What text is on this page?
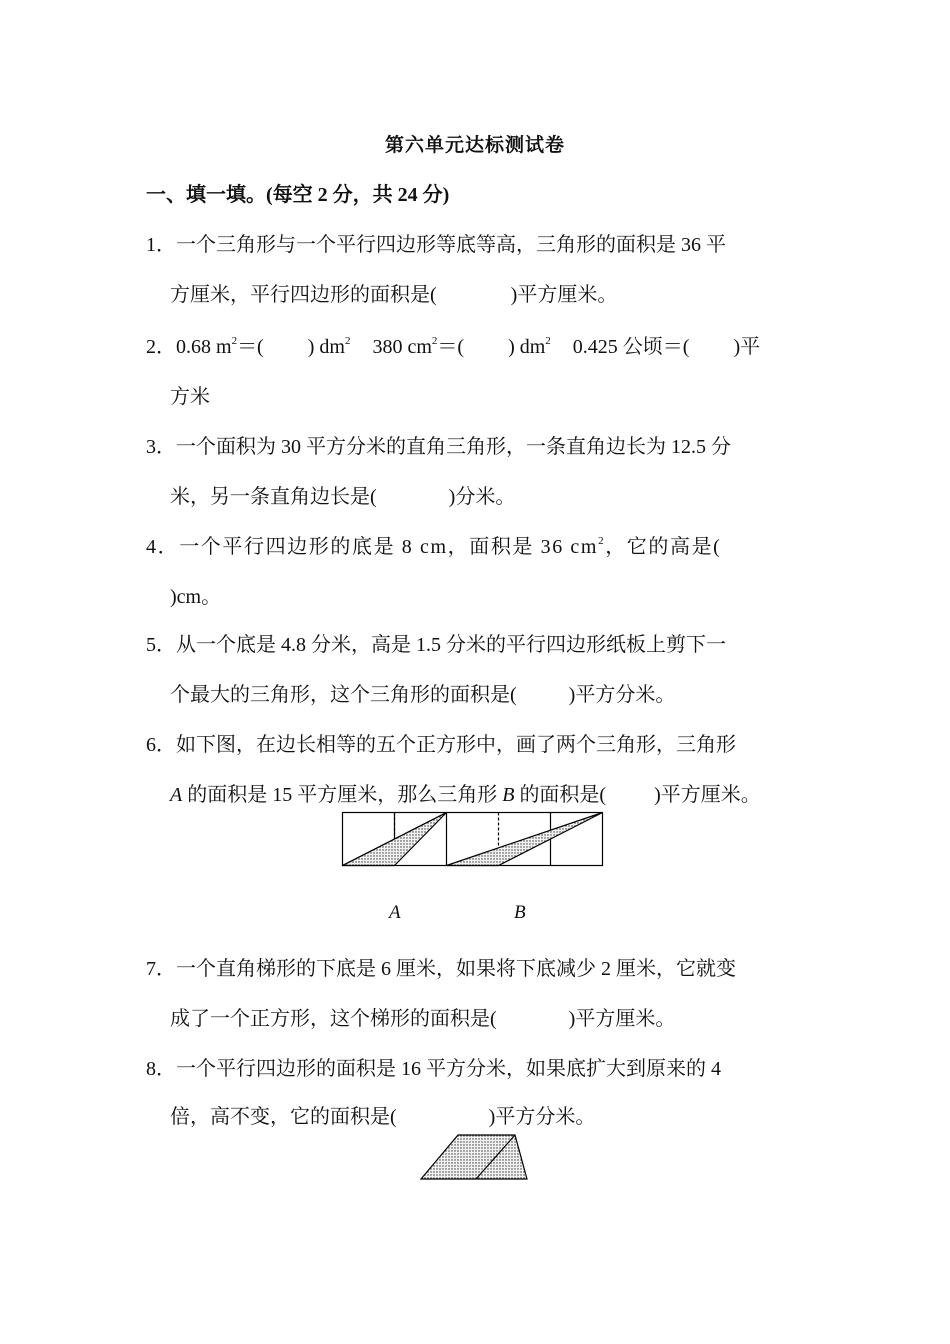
第六单元达标测试卷
一、填一填。(每空 2 分，共 24 分)
1．一个三角形与一个平行四边形等底等高，三角形的面积是 36 平
方厘米，平行四边形的面积是(	)平方厘米。
2．0.68 $m^2=$( ) $dm^2$ 380 $cm^2=$( ) $dm^2$ 0.425 公顷＝( )平
方米
3．一个面积为 30 平方分米的直角三角形，一条直角边长为 12.5 分
米，另一条直角边长是(	)分米。
4．一个平行四边形的底是 8 cm，面积是 36 $cm^2$，它的高是(
)cm。
5．从一个底是 4.8 分米，高是 1.5 分米的平行四边形纸板上剪下一
个最大的三角形，这个三角形的面积是(	)平方分米。
6．如下图，在边长相等的五个正方形中，画了两个三角形，三角形
A 的面积是 15 平方厘米，那么三角形 B 的面积是( )平方厘米。
A	B
7．一个直角梯形的下底是 6 厘米，如果将下底减少 2 厘米，它就变
成了一个正方形，这个梯形的面积是(	)平方厘米。
8．一个平行四边形的面积是 16 平方分米，如果底扩大到原来的 4
倍，高不变，它的面积是(	)平方分米。
